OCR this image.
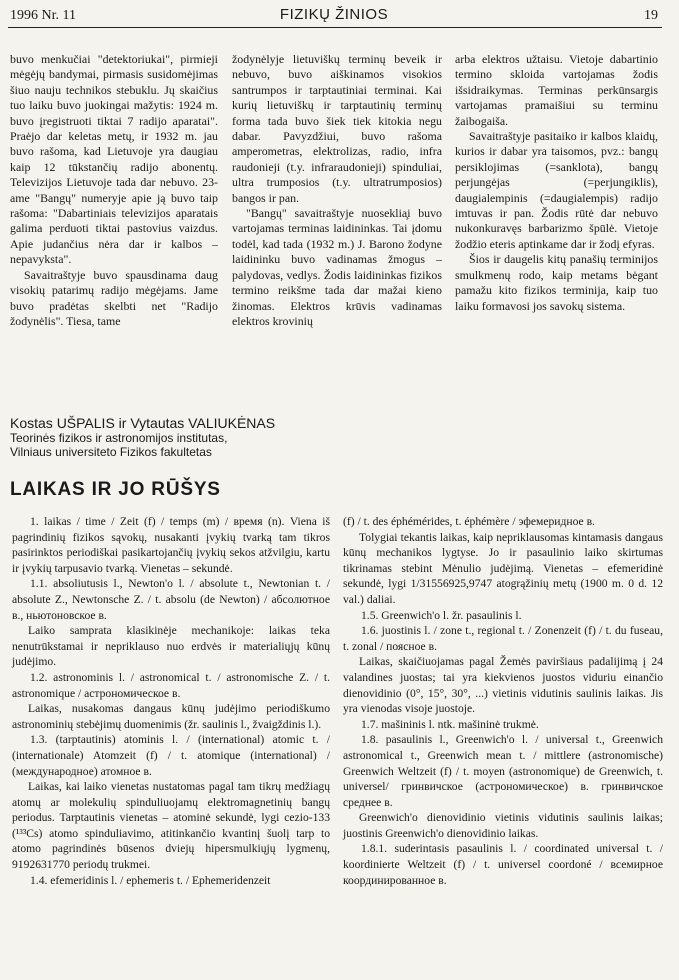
1996 Nr. 11	FIZIKŲ ŽINIOS	19

buvo menkučiai "detektoriukai", pirmieji mėgėjų bandymai, pirmasis susidomėjimas šiuo nauju technikos stebuklu. Jų skaičius tuo laiku buvo juokingai mažytis: 1924 m. buvo įregistruoti tiktai 7 radijo aparatai". Praėjo dar keletas metų, ir 1932 m. jau buvo rašoma, kad Lietuvoje yra daugiau kaip 12 tūkstančių radijo abonentų. Televizijos Lietuvoje tada dar nebuvo. 23-ame "Bangų" numeryje apie ją buvo taip rašoma: "Dabartiniais televizijos aparatais galima perduoti tiktai pastovius vaizdus. Apie judančius nėra dar ir kalbos – nepavyksta".

Savaitraštyje buvo spausdinama daug visokių patarimų radijo mėgėjams. Jame buvo pradėtas skelbti net "Radijo žodynėlis". Tiesa, tame

žodynėlyje lietuviškų terminų beveik ir nebuvo, buvo aiškinamos visokios santrumpos ir tarptautiniai terminai. Kai kurių lietuviškų ir tarptautinių terminų forma tada buvo šiek tiek kitokia negu dabar. Pavyzdžiui, buvo rašoma amperometras, elektrolizas, radio, infra raudonieji (t.y. infraraudonieji) spinduliai, ultra trumposios (t.y. ultratrumposios) bangos ir pan.

"Bangų" savaitraštyje nuoseklia̧i buvo vartojamas terminas laidininkas. Tai įdomu todėl, kad tada (1932 m.) J. Barono žodyne laidininku buvo vadinamas žmogus – palydovas, vedlys. Žodis laidininkas fizikos termino reikšme tada dar mažai kieno žinomas. Elektros krūvis vadinamas elektros krovinių

arba elektros užtaisu. Vietoje dabartinio termino skloida vartojamas žodis išsidraikymas. Terminas perkūnsargis vartojamas pramaišiui su terminu žaibogaiša.

Savaitraštyje pasitaiko ir kalbos klaidų, kurios ir dabar yra taisomos, pvz.: bangų persiklojimas (=sanklota), bangų perjungėjas (=perjungiklis), daugialempinis (=daugialempis) radijo imtuvas ir pan. Žodis rūtė dar nebuvo nukonkuravęs barbarizmo špūlė. Vietoje žodžio eteris aptinkame dar ir žodį efyras.

Šios ir daugelis kitų panašių terminijos smulkmenų rodo, kaip metams bėgant pamažu kito fizikos terminija, kaip tuo laiku formavosi jos savokų sistema.

Kostas UŠPALIS ir Vytautas VALIUKĖNAS
Teorinės fizikos ir astronomijos institutas,
Vilniaus universiteto Fizikos fakultetas
LAIKAS IR JO RŪŠYS

1. laikas / time / Zeit (f) / temps (m) / время (n). Viena iš pagrindinių fizikos sąvokų, nusakanti įvykių tvarką tam tikros pasirinktos periodiškai pasikartojančių įvykių sekos atžvilgiu, kartu ir įvykių tarpusavio tvarką. Vienetas – sekundė.

1.1. absoliutusis l., Newton'o l. / absolute t., Newtonian t. / absolute Z., Newtonsche Z. / t. absolu (de Newton) / абсолютное в., ньютоновское в.

Laiko samprata klasikinėje mechanikoje: laikas teka nenutrūkstamai ir nepriklauso nuo erdvės ir materialiųjų kūnų judėjimo.

1.2. astronominis l. / astronomical t. / astronomische Z. / t. astronomique / астрономическое в.

Laikas, nusakomas dangaus kūnų judėjimo periodiškumo astronominių stebėjimų duomenimis (žr. saulinis l., žvaigždinis l.).

1.3. (tarptautinis) atominis l. / (international) atomic t. / (internationale) Atomzeit (f) / t. atomique (international) / (международное) атомное в.

Laikas, kai laiko vienetas nustatomas pagal tam tikrų medžiagų atomų ar molekulių spinduliuojamų elektromagnetinių bangų periodus. Tarptautinis vienetas – atominė sekundė, lygi cezio-133 (¹³³Cs) atomo spinduliavimo, atitinkančio kvantinį šuolį tarp to atomo pagrindinės būsenos dviejų hipersmulkiųjų lygmenų, 9192631770 periodų trukmei.

1.4. efemeridinis l. / ephemeris t. / Ephemeridenzeit

(f) / t. des éphémérides, t. éphémère / эфемеридное в.

Tolygiai tekantis laikas, kaip nepriklausomas kintamasis dangaus kūnų mechanikos lygtyse. Jo ir pasaulinio laiko skirtumas tikrinamas stebint Mėnulio judėjimą. Vienetas – efemeridinė sekundė, lygi 1/31556925,9747 atogrąžinių metų (1900 m. 0 d. 12 val.) daliai.

1.5. Greenwich'o l. žr. pasaulinis l.

1.6. juostinis l. / zone t., regional t. / Zonenzeit (f) / t. du fuseau, t. zonal / поясное в.

Laikas, skaičiuojamas pagal Žemės paviršiaus padalijimą į 24 valandines juostas; tai yra kiekvienos juostos viduriu einančio dienovidinio (0°, 15°, 30°, ...) vietinis vidutinis saulinis laikas. Jis yra vienodas visoje juostoje.

1.7. mašininis l. ntk. mašininė trukmė.

1.8. pasaulinis l., Greenwich'o l. / universal t., Greenwich astronomical t., Greenwich mean t. / mittlere (astronomische) Greenwich Weltzeit (f) / t. moyen (astronomique) de Greenwich, t. universel/ гринвичское (астрономическое) в. гринвичское среднее в.

Greenwich'o dienovidinio vietinis vidutinis saulinis laikas; juostinis Greenwich'o dienovidinio laikas.

1.8.1. suderintasis pasaulinis l. / coordinated universal t. / koordinierte Weltzeit (f) / t. universel coordoné / всемирное координированное в.
